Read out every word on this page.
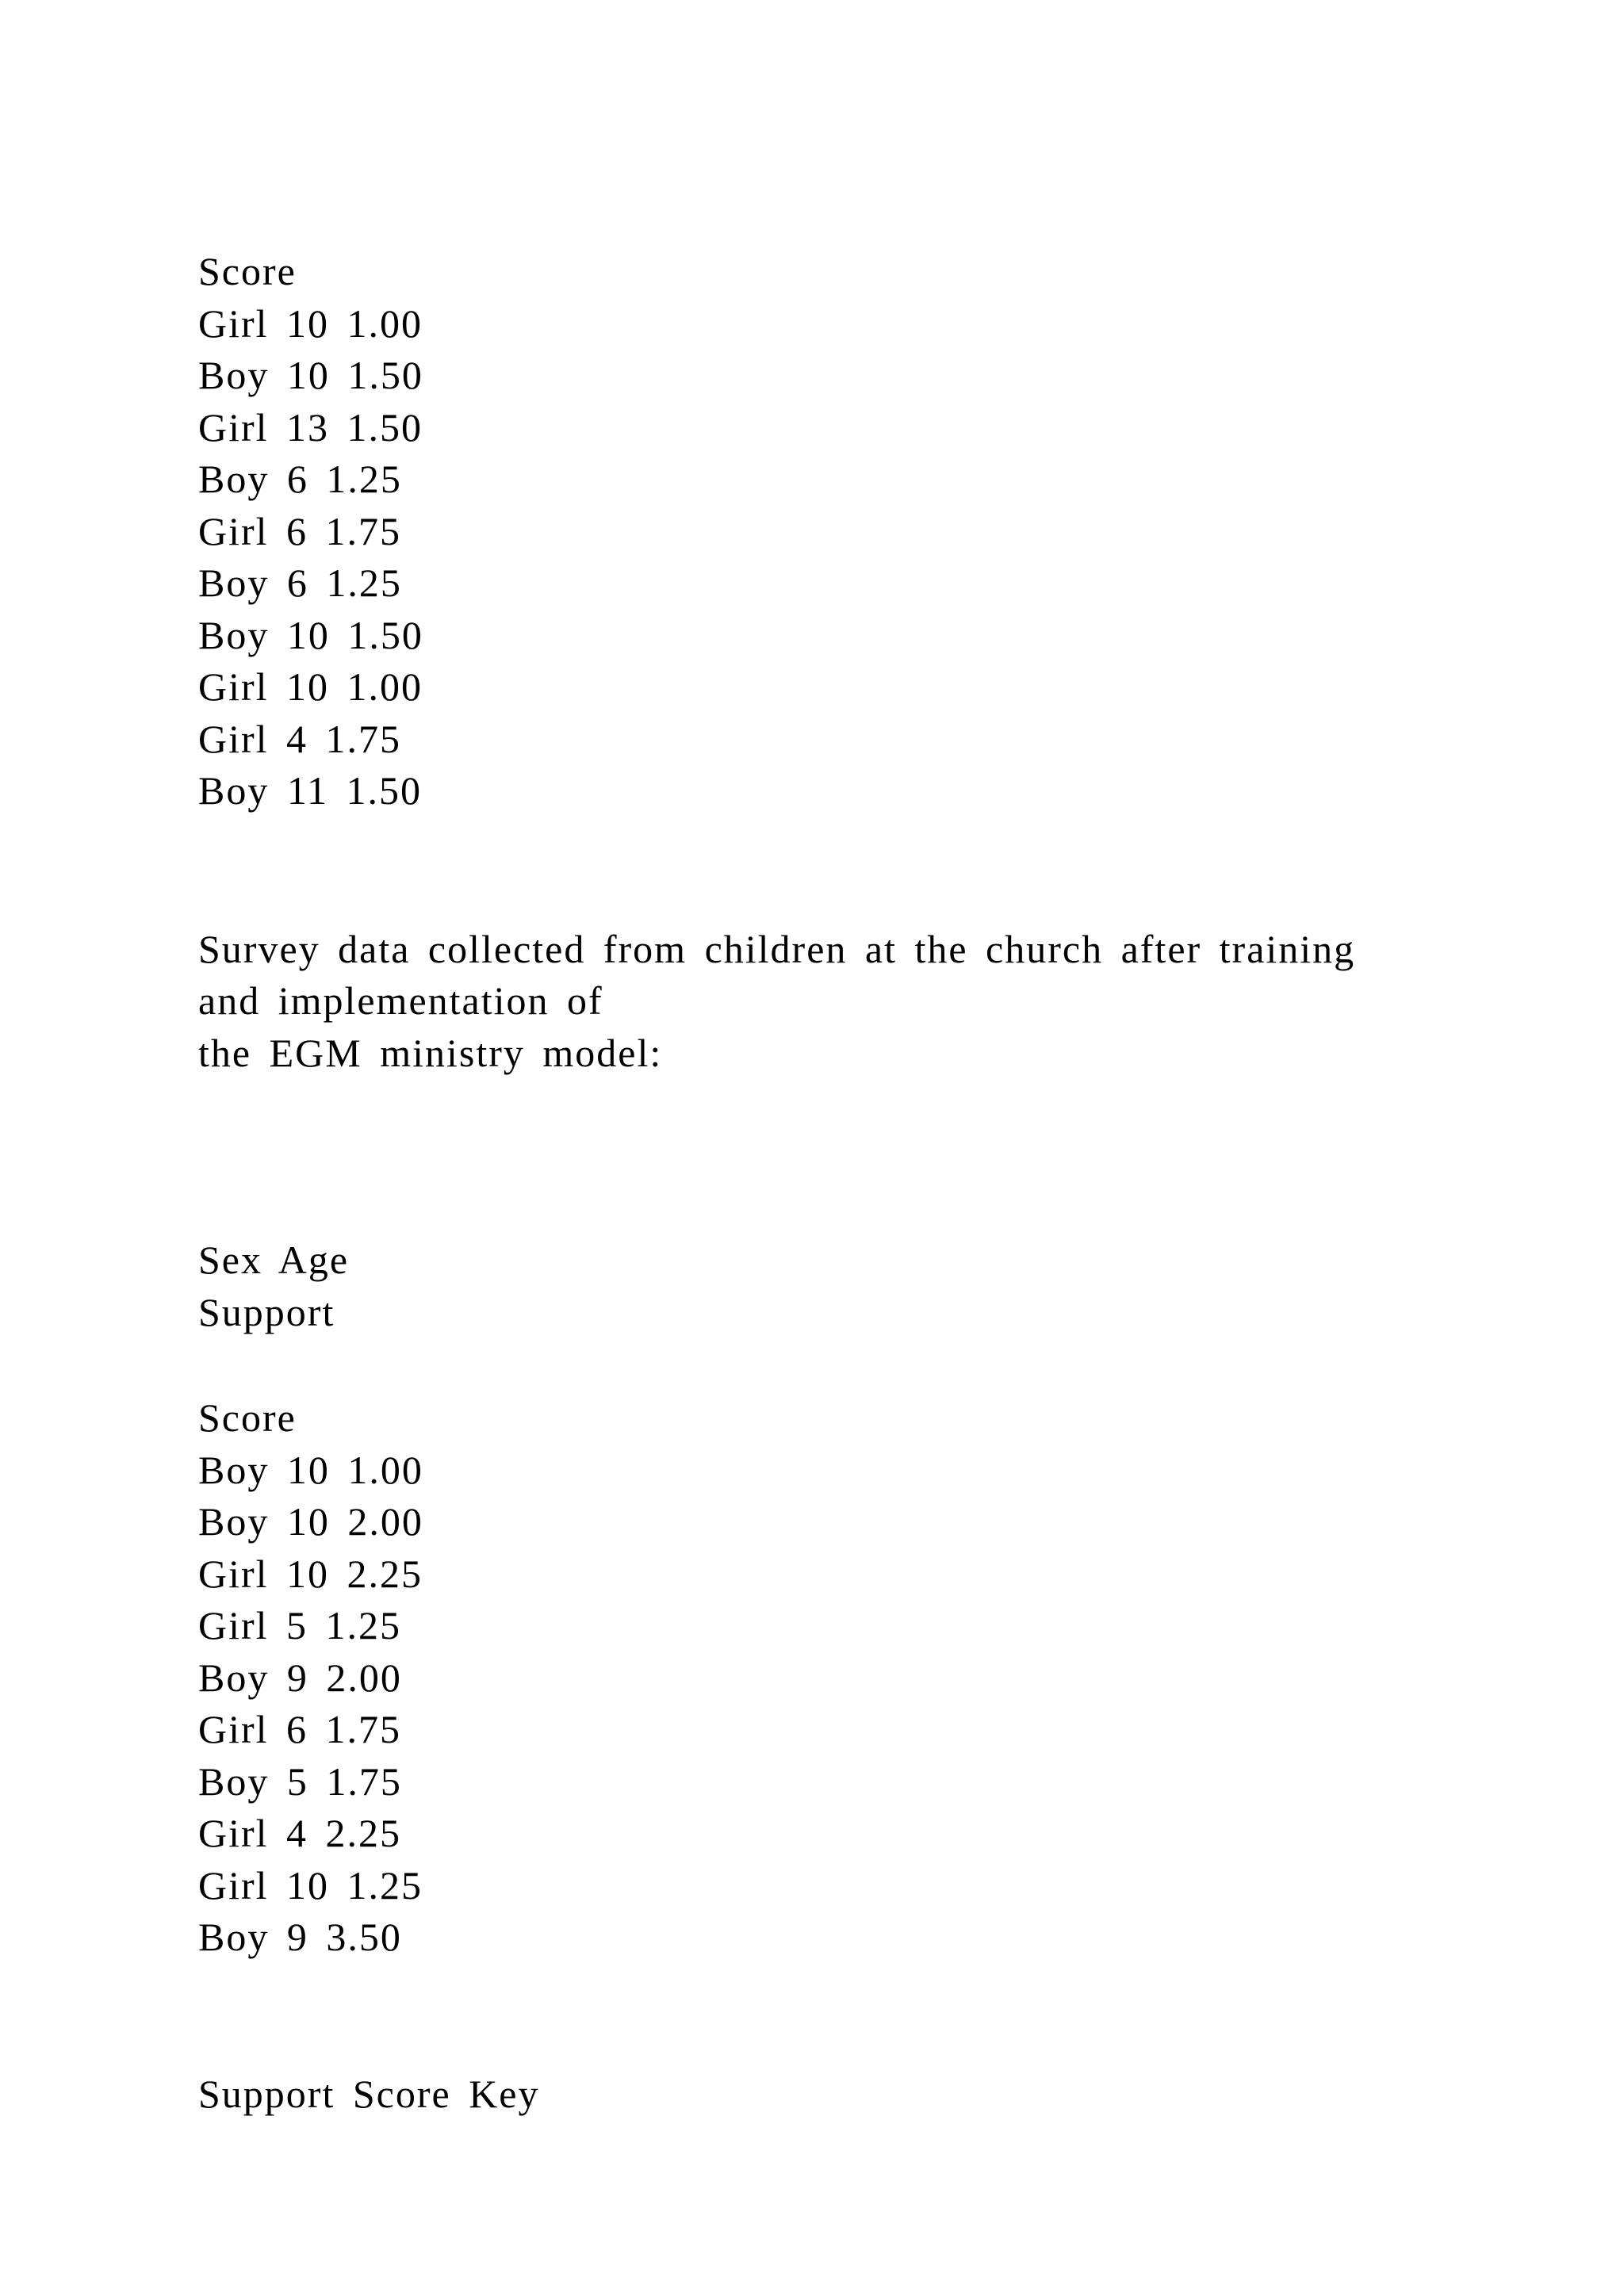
Score
Girl 10 1.00
Boy 10 1.50
Girl 13 1.50
Boy 6 1.25
Girl 6 1.75
Boy 6 1.25
Boy 10 1.50
Girl 10 1.00
Girl 4 1.75
Boy 11 1.50
Survey data collected from children at the church after training
and implementation of
the EGM ministry model:
Sex Age
Support
Score
Boy 10 1.00
Boy 10 2.00
Girl 10 2.25
Girl 5 1.25
Boy 9 2.00
Girl 6 1.75
Boy 5 1.75
Girl 4 2.25
Girl 10 1.25
Boy 9 3.50
Support Score Key
